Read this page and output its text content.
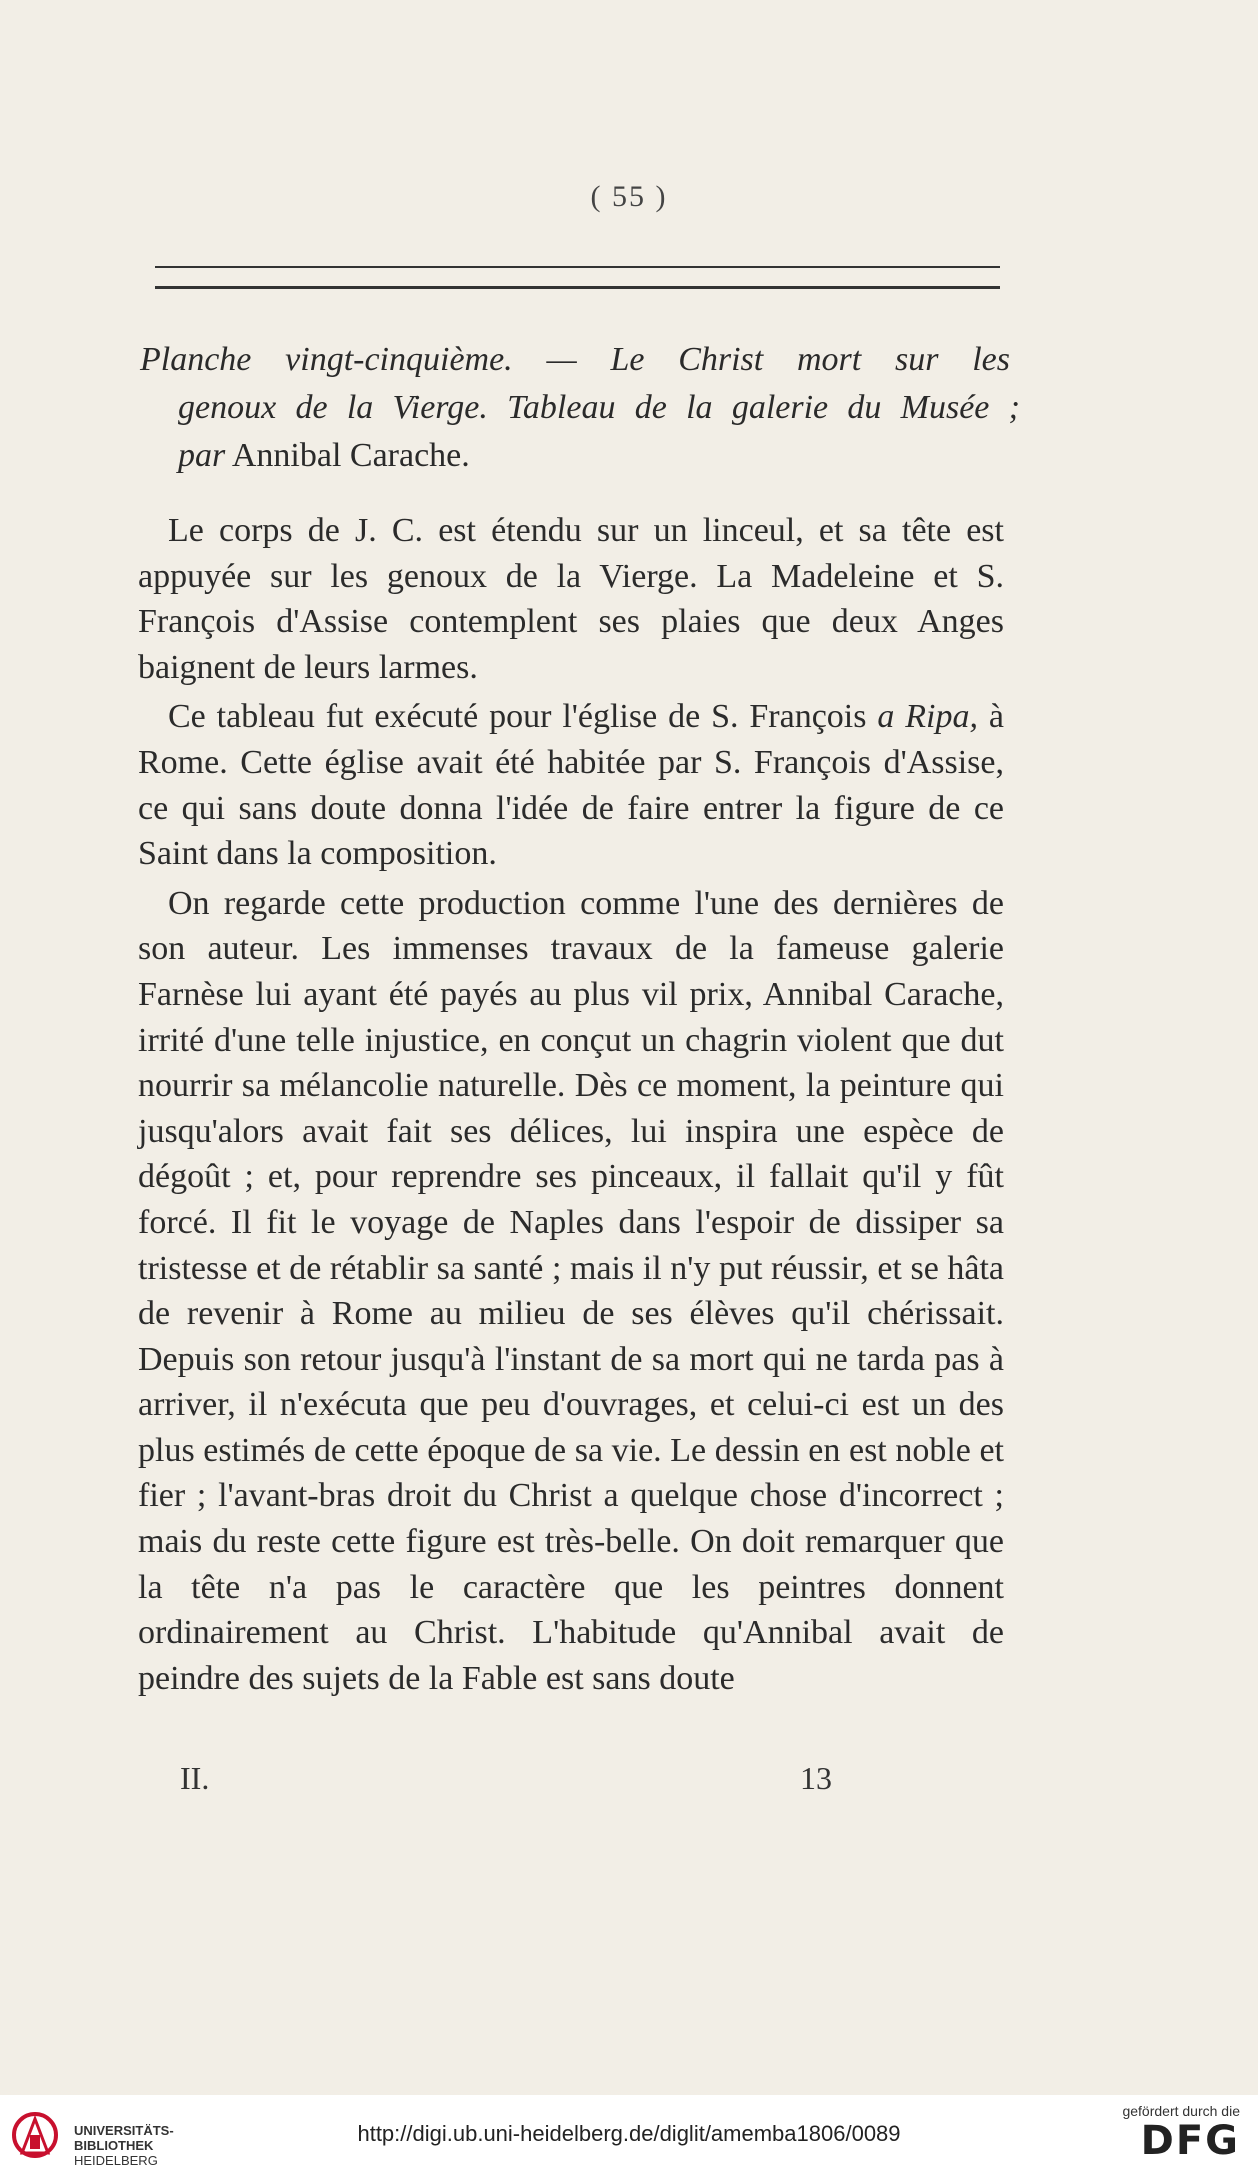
( 55 )
Planche vingt-cinquième. — Le Christ mort sur les
genoux de la Vierge. Tableau de la galerie du Musée ;
par Annibal Carache.

Le corps de J. C. est étendu sur un linceul, et sa tête est appuyée sur les genoux de la Vierge. La Madeleine et S. François d'Assise contemplent ses plaies que deux Anges baignent de leurs larmes.

Ce tableau fut exécuté pour l'église de S. François a Ripa, à Rome. Cette église avait été habitée par S. François d'Assise, ce qui sans doute donna l'idée de faire entrer la figure de ce Saint dans la composition.

On regarde cette production comme l'une des dernières de son auteur. Les immenses travaux de la fameuse galerie Farnèse lui ayant été payés au plus vil prix, Annibal Carache, irrité d'une telle injustice, en conçut un chagrin violent que dut nourrir sa mélancolie naturelle. Dès ce moment, la peinture qui jusqu'alors avait fait ses délices, lui inspira une espèce de dégoût ; et, pour reprendre ses pinceaux, il fallait qu'il y fût forcé. Il fit le voyage de Naples dans l'espoir de dissiper sa tristesse et de rétablir sa santé ; mais il n'y put réussir, et se hâta de revenir à Rome au milieu de ses élèves qu'il chérissait. Depuis son retour jusqu'à l'instant de sa mort qui ne tarda pas à arriver, il n'exécuta que peu d'ouvrages, et celui-ci est un des plus estimés de cette époque de sa vie. Le dessin en est noble et fier ; l'avant-bras droit du Christ a quelque chose d'incorrect ; mais du reste cette figure est très-belle. On doit remarquer que la tête n'a pas le caractère que les peintres donnent ordinairement au Christ. L'habitude qu'Annibal avait de peindre des sujets de la Fable est sans doute

II.	13
UNIVERSITÄTS-
BIBLIOTHEK
HEIDELBERG
http://digi.ub.uni-heidelberg.de/diglit/amemba1806/0089
gefördert durch die
DFG
